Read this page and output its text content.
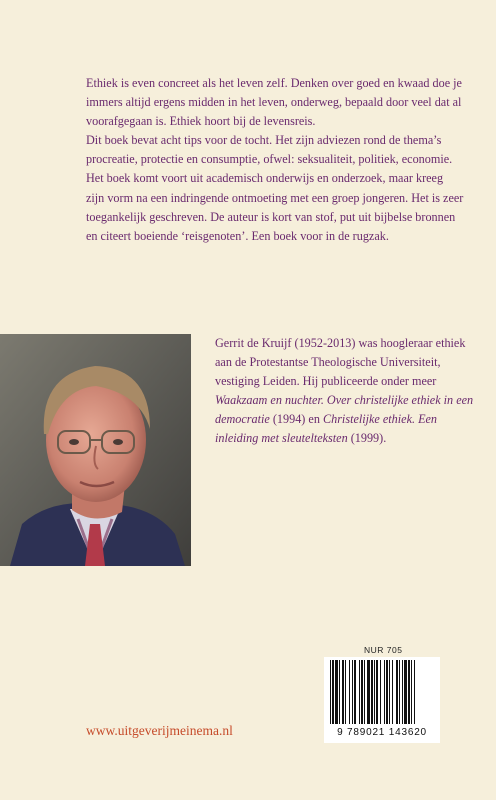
Ethiek is even concreet als het leven zelf. Denken over goed en kwaad doe je immers altijd ergens midden in het leven, onderweg, bepaald door veel dat al voorafgegaan is. Ethiek hoort bij de levensreis.

Dit boek bevat acht tips voor de tocht. Het zijn adviezen rond de thema’s procreatie, protectie en consumptie, ofwel: seksualiteit, politiek, economie. Het boek komt voort uit academisch onderwijs en onderzoek, maar kreeg zijn vorm na een indringende ontmoeting met een groep jongeren. Het is zeer toegankelijk geschreven. De auteur is kort van stof, put uit bijbelse bronnen en citeert boeiende ‘reisgenoten’. Een boek voor in de rugzak.

Gerrit de Kruijf (1952-2013) was hoogleraar ethiek aan de Protestantse Theologische Universiteit, vestiging Leiden. Hij publiceerde onder meer Waakzaam en nuchter. Over christelijke ethiek in een democratie (1994) en Christelijke ethiek. Een inleiding met sleutelteksten (1999).

NUR 705
9 789021 143620
www.uitgeverijmeinema.nl
